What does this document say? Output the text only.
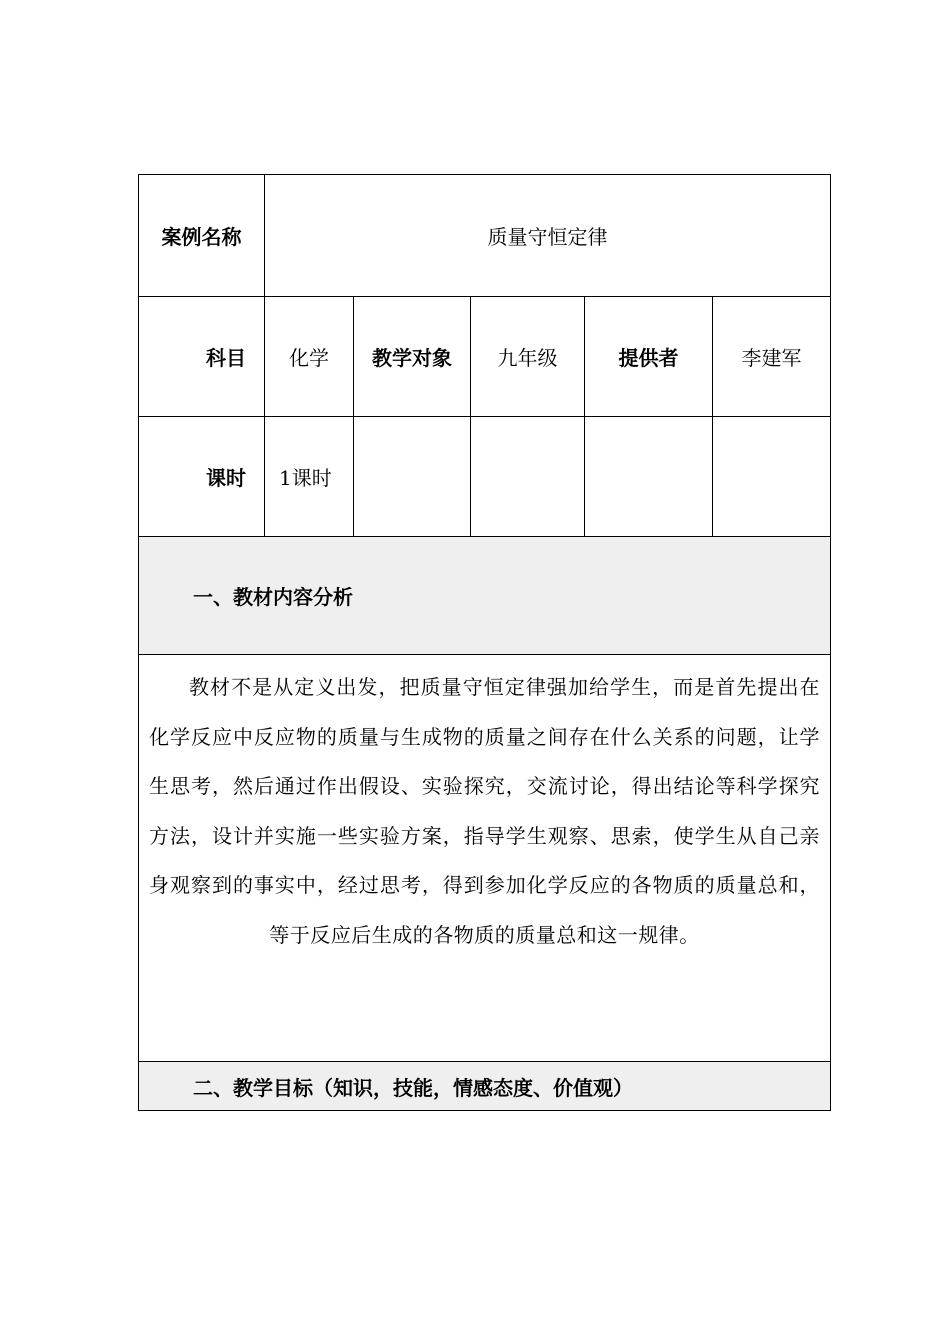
案例名称	质量守恒定律				
科目	化学	教学对象	九年级	提供者	李建军
课时	1课时				
一、教材内容分析					

教材不是从定义出发，把质量守恒定律强加给学生，而是首先提出在化学反应中反应物的质量与生成物的质量之间存在什么关系的问题，让学生思考，然后通过作出假设、实验探究，交流讨论，得出结论等科学探究方法，设计并实施一些实验方案，指导学生观察、思索，使学生从自己亲身观察到的事实中，经过思考，得到参加化学反应的各物质的质量总和，等于反应后生成的各物质的质量总和这一规律。					

二、教学目标（知识，技能，情感态度、价值观）					
